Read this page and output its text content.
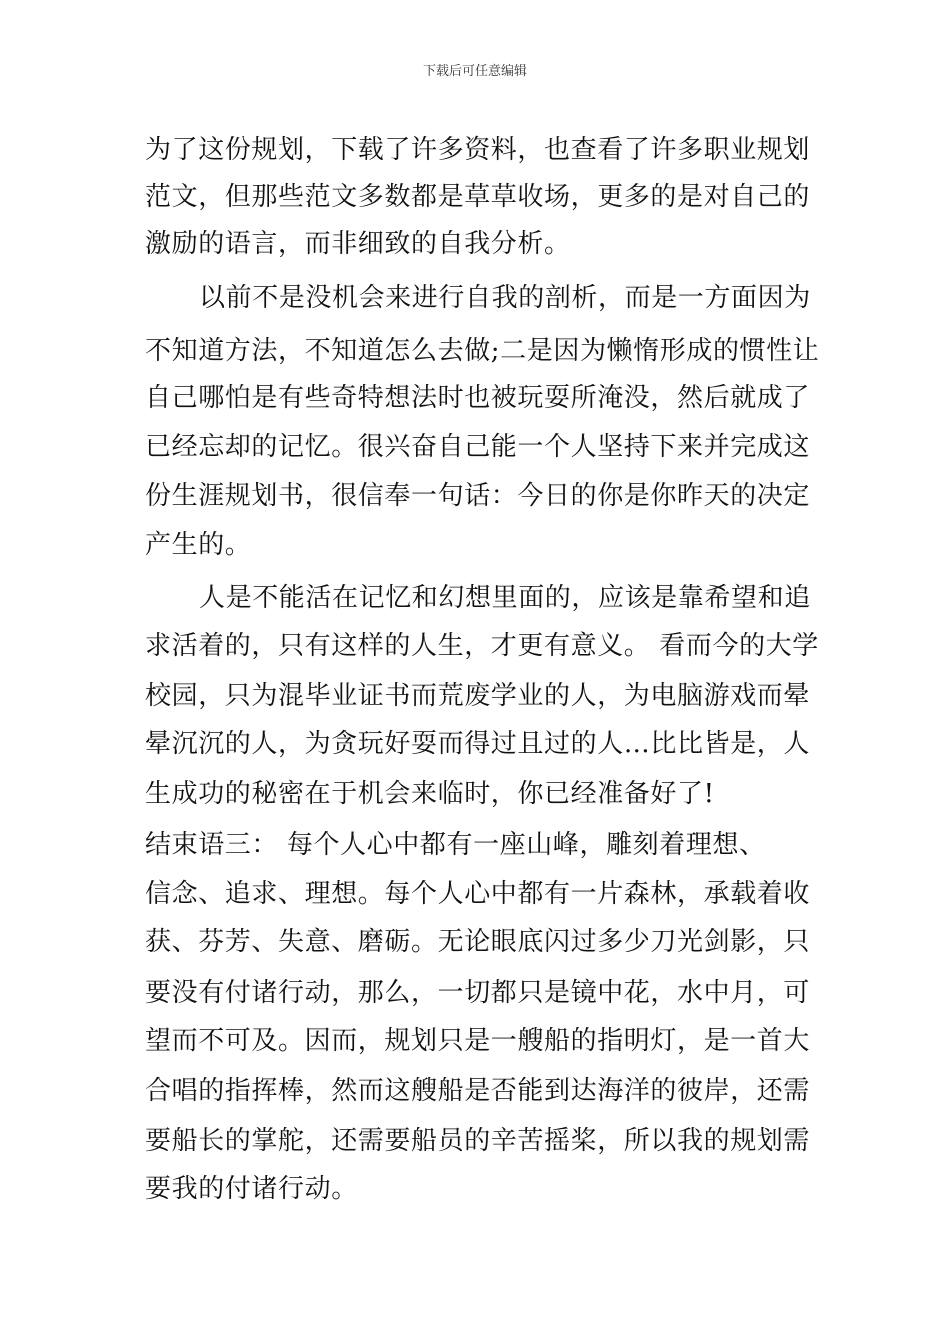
下载后可任意编辑
为了这份规划，下载了许多资料，也查看了许多职业规划
范文，但那些范文多数都是草草收场，更多的是对自己的
激励的语言，而非细致的自我分析。
以前不是没机会来进行自我的剖析，而是一方面因为
不知道方法，不知道怎么去做;二是因为懒惰形成的惯性让
自己哪怕是有些奇特想法时也被玩耍所淹没，然后就成了
已经忘却的记忆。很兴奋自己能一个人坚持下来并完成这
份生涯规划书，很信奉一句话：今日的你是你昨天的决定
产生的。
人是不能活在记忆和幻想里面的，应该是靠希望和追
求活着的，只有这样的人生，才更有意义。 看而今的大学
校园，只为混毕业证书而荒废学业的人，为电脑游戏而晕
晕沉沉的人，为贪玩好耍而得过且过的人…比比皆是，人
生成功的秘密在于机会来临时，你已经准备好了!
结束语三： 每个人心中都有一座山峰，雕刻着理想、
信念、追求、理想。每个人心中都有一片森林，承载着收
获、芬芳、失意、磨砺。无论眼底闪过多少刀光剑影，只
要没有付诸行动，那么，一切都只是镜中花，水中月，可
望而不可及。因而，规划只是一艘船的指明灯，是一首大
合唱的指挥棒，然而这艘船是否能到达海洋的彼岸，还需
要船长的掌舵，还需要船员的辛苦摇桨，所以我的规划需
要我的付诸行动。
